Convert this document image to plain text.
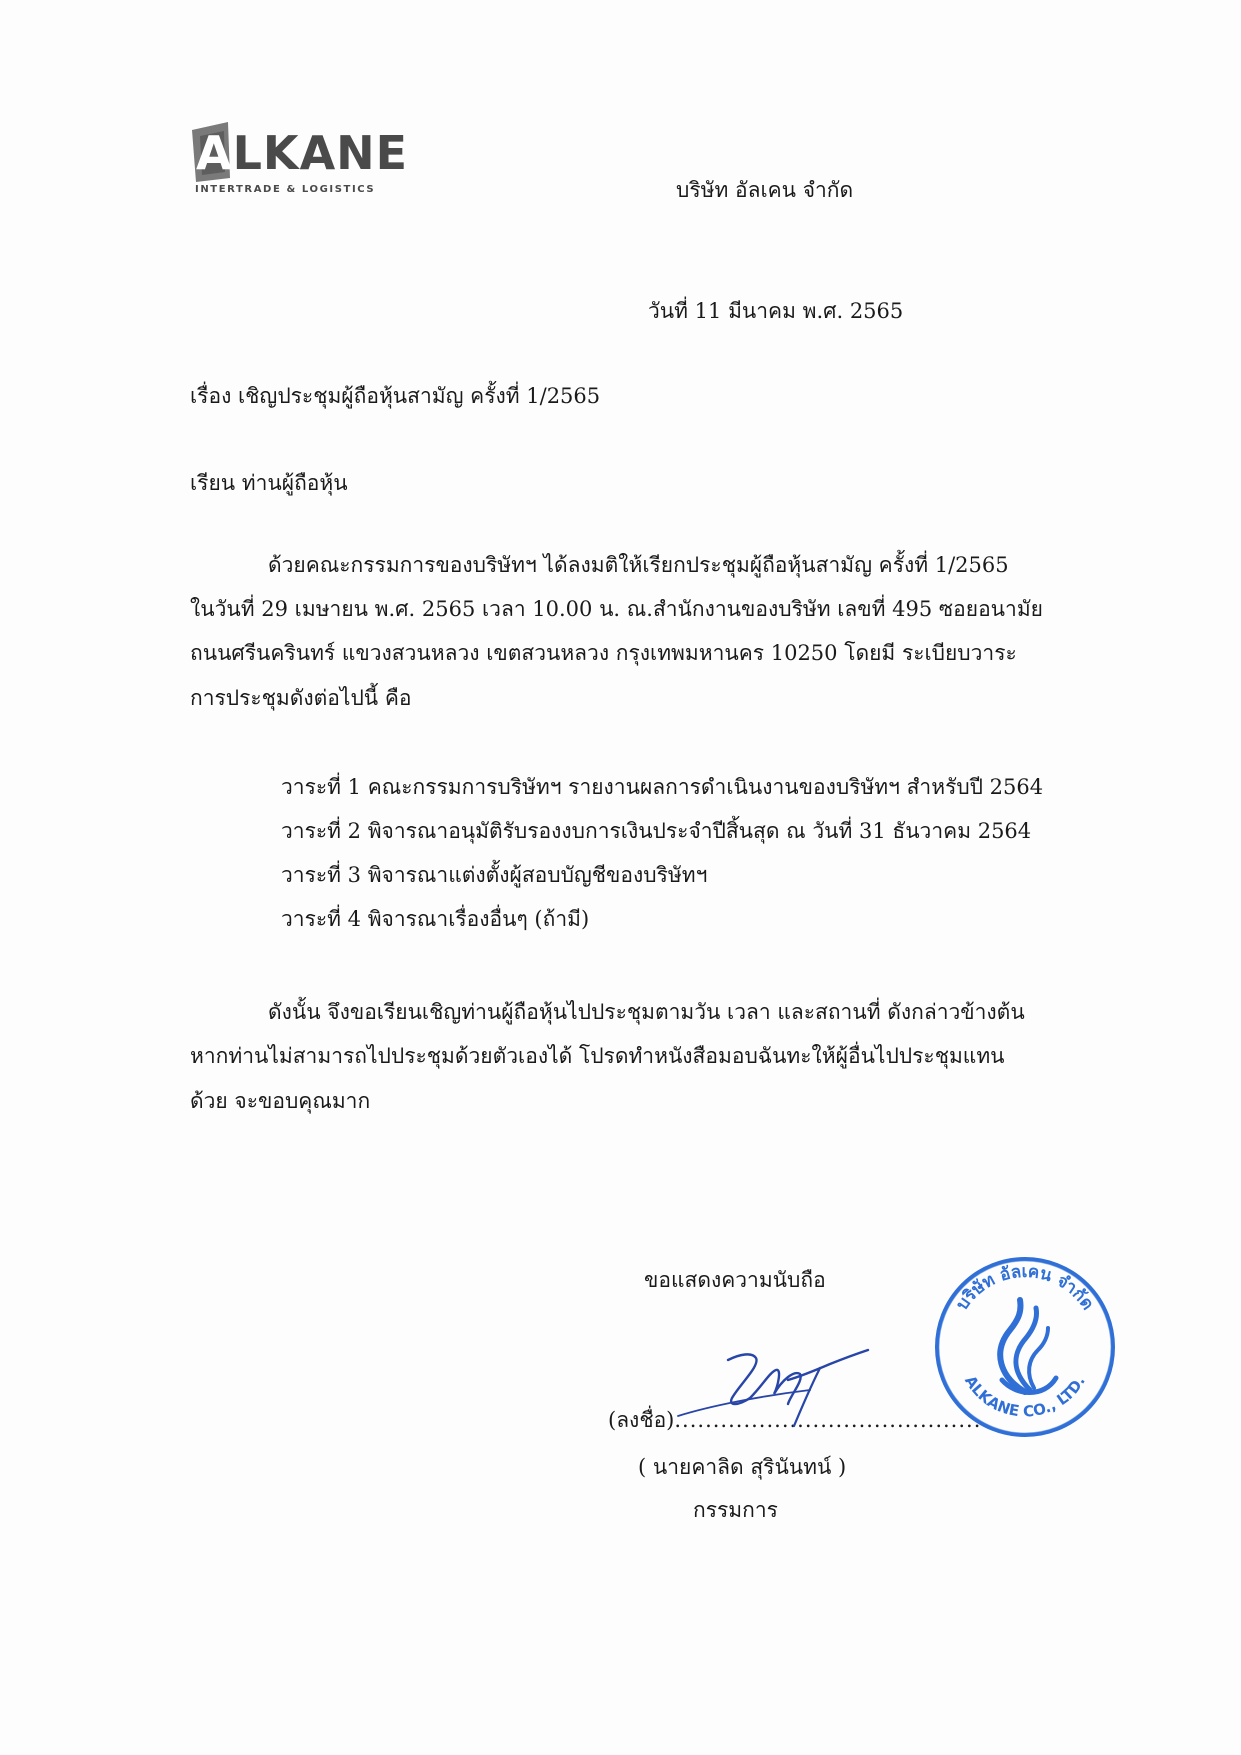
ALKANE
INTERTRADE & LOGISTICS	บริษัท อัลเคน จำกัด
วันที่ 11 มีนาคม พ.ศ. 2565
เรื่อง เชิญประชุมผู้ถือหุ้นสามัญ ครั้งที่ 1/2565
เรียน ท่านผู้ถือหุ้น
ด้วยคณะกรรมการของบริษัทฯ ได้ลงมติให้เรียกประชุมผู้ถือหุ้นสามัญ ครั้งที่ 1/2565
ในวันที่ 29 เมษายน พ.ศ. 2565 เวลา 10.00 น. ณ.สำนักงานของบริษัท เลขที่ 495 ซอยอนามัย
ถนนศรีนครินทร์ แขวงสวนหลวง เขตสวนหลวง กรุงเทพมหานคร 10250 โดยมี ระเบียบวาระ
การประชุมดังต่อไปนี้ คือ
วาระที่ 1 คณะกรรมการบริษัทฯ รายงานผลการดำเนินงานของบริษัทฯ สำหรับปี 2564
วาระที่ 2 พิจารณาอนุมัติรับรองงบการเงินประจำปีสิ้นสุด ณ วันที่ 31 ธันวาคม 2564
วาระที่ 3 พิจารณาแต่งตั้งผู้สอบบัญชีของบริษัทฯ
วาระที่ 4 พิจารณาเรื่องอื่นๆ (ถ้ามี)
ดังนั้น จึงขอเรียนเชิญท่านผู้ถือหุ้นไปประชุมตามวัน เวลา และสถานที่ ดังกล่าวข้างต้น
หากท่านไม่สามารถไปประชุมด้วยตัวเองได้ โปรดทำหนังสือมอบฉันทะให้ผู้อื่นไปประชุมแทน
ด้วย จะขอบคุณมาก
ขอแสดงความนับถือ
(ลงชื่อ)........................................
( นายคาลิด สุรินันทน์ )
กรรมการ
บริษัท อัลเคน จำกัด
ALKANE CO., LTD.
